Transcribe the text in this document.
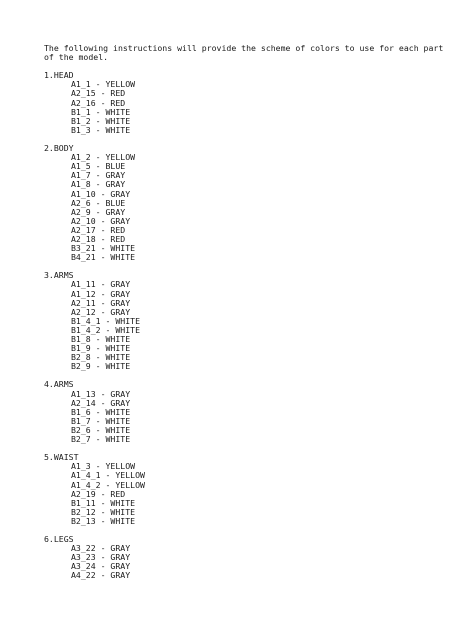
The following instructions will provide the scheme of colors to use for each part
of the model.
1.HEAD
A1_1 - YELLOW
A2_15 - RED
A2_16 - RED
B1_1 - WHITE
B1_2 - WHITE
B1_3 - WHITE
2.BODY
A1_2 - YELLOW
A1_5 - BLUE
A1_7 - GRAY
A1_8 - GRAY
A1_10 - GRAY
A2_6 - BLUE
A2_9 - GRAY
A2_10 - GRAY
A2_17 - RED
A2_18 - RED
B3_21 - WHITE
B4_21 - WHITE
3.ARMS
A1_11 - GRAY
A1_12 - GRAY
A2_11 - GRAY
A2_12 - GRAY
B1_4_1 - WHITE
B1_4_2 - WHITE
B1_8 - WHITE
B1_9 - WHITE
B2_8 - WHITE
B2_9 - WHITE
4.ARMS
A1_13 - GRAY
A2_14 - GRAY
B1_6 - WHITE
B1_7 - WHITE
B2_6 - WHITE
B2_7 - WHITE
5.WAIST
A1_3 - YELLOW
A1_4_1 - YELLOW
A1_4_2 - YELLOW
A2_19 - RED
B1_11 - WHITE
B2_12 - WHITE
B2_13 - WHITE
6.LEGS
A3_22 - GRAY
A3_23 - GRAY
A3_24 - GRAY
A4_22 - GRAY
